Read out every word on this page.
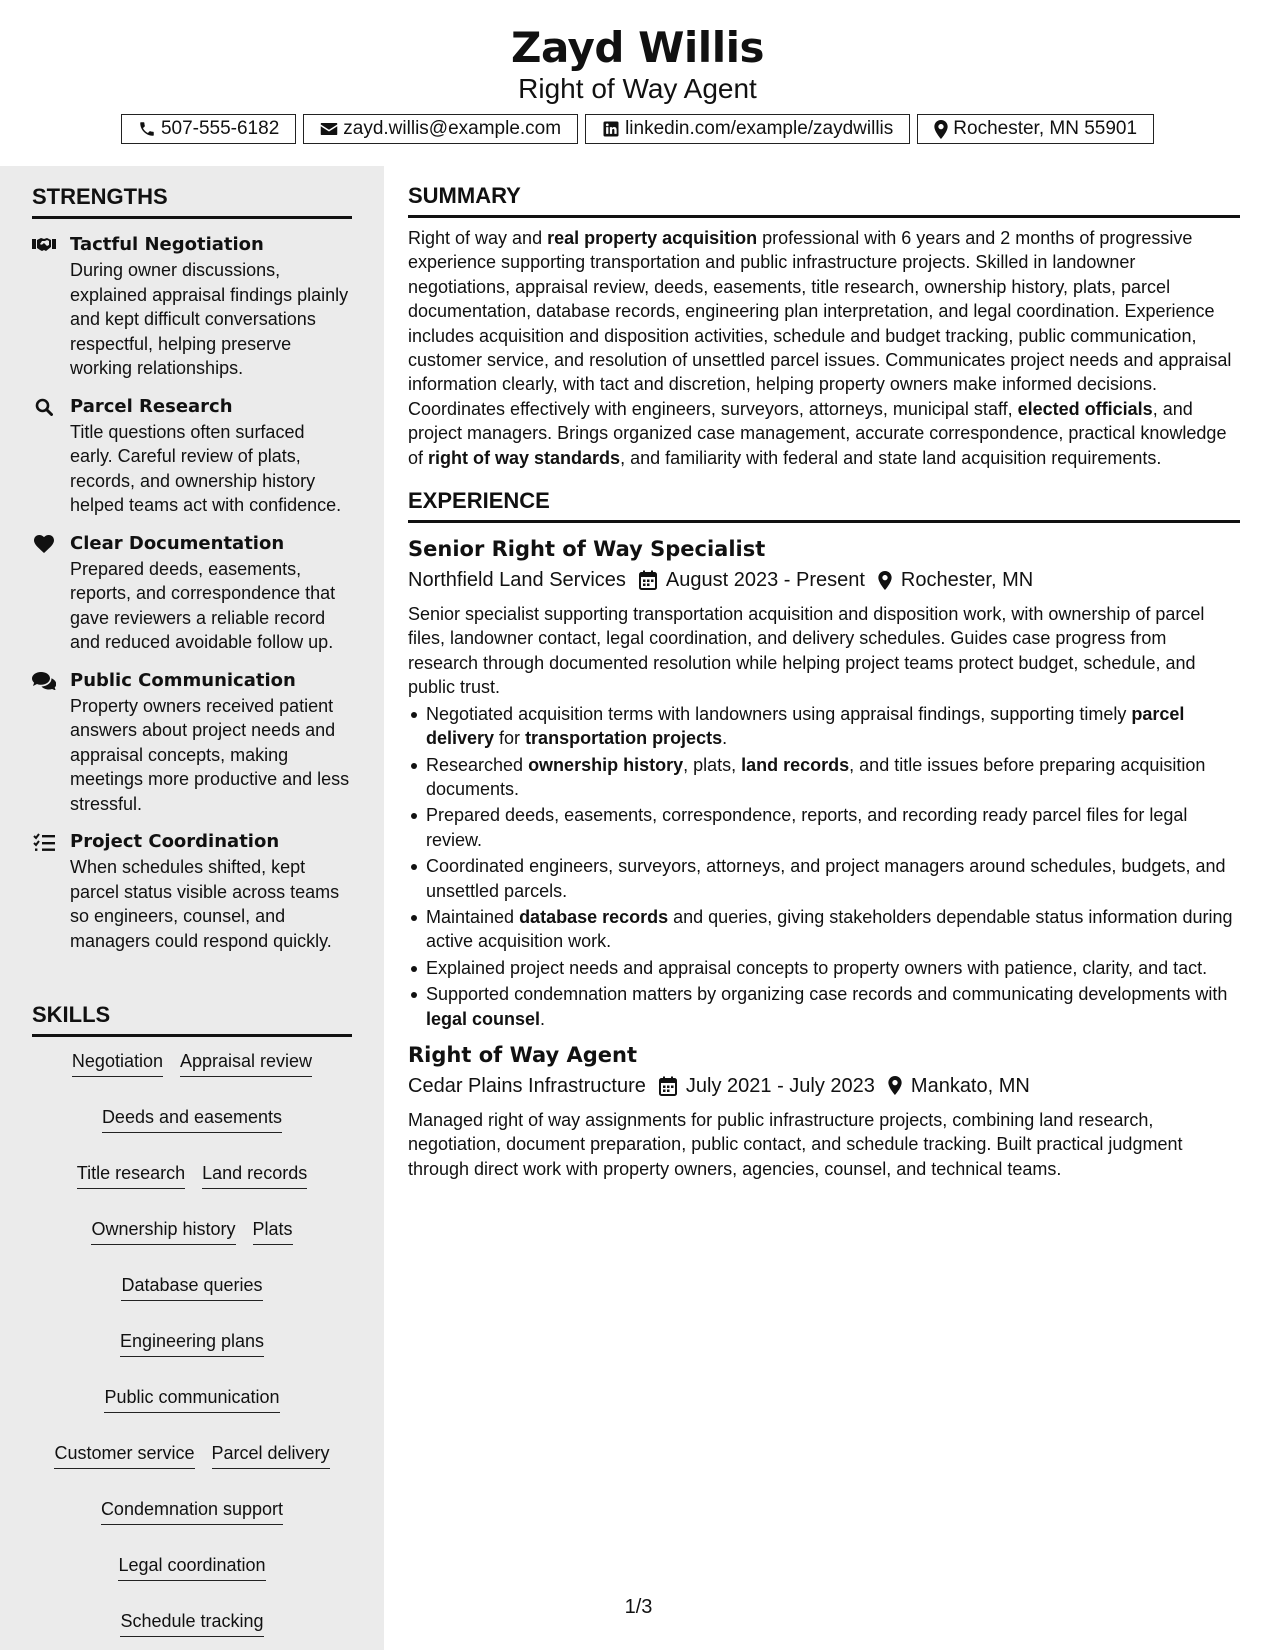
Zayd Willis
Right of Way Agent
507-555-6182	zayd.willis@example.com	linkedin.com/example/zaydwillis	Rochester, MN 55901
STRENGTHS
Tactful Negotiation
During owner discussions, explained appraisal findings plainly and kept difficult conversations respectful, helping preserve working relationships.
Parcel Research
Title questions often surfaced early. Careful review of plats, records, and ownership history helped teams act with confidence.
Clear Documentation
Prepared deeds, easements, reports, and correspondence that gave reviewers a reliable record and reduced avoidable follow up.
Public Communication
Property owners received patient answers about project needs and appraisal concepts, making meetings more productive and less stressful.
Project Coordination
When schedules shifted, kept parcel status visible across teams so engineers, counsel, and managers could respond quickly.
SKILLS
Negotiation Appraisal review
Deeds and easements
Title research Land records
Ownership history Plats
Database queries
Engineering plans
Public communication
Customer service Parcel delivery
Condemnation support
Legal coordination
Schedule tracking
SUMMARY

Right of way and real property acquisition professional with 6 years and 2 months of progressive experience supporting transportation and public infrastructure projects. Skilled in landowner negotiations, appraisal review, deeds, easements, title research, ownership history, plats, parcel documentation, database records, engineering plan interpretation, and legal coordination. Experience includes acquisition and disposition activities, schedule and budget tracking, public communication, customer service, and resolution of unsettled parcel issues. Communicates project needs and appraisal information clearly, with tact and discretion, helping property owners make informed decisions. Coordinates effectively with engineers, surveyors, attorneys, municipal staff, elected officials, and project managers. Brings organized case management, accurate correspondence, practical knowledge of right of way standards, and familiarity with federal and state land acquisition requirements.

EXPERIENCE
Senior Right of Way Specialist
Northfield Land Services August 2023 - Present Rochester, MN

Senior specialist supporting transportation acquisition and disposition work, with ownership of parcel files, landowner contact, legal coordination, and delivery schedules. Guides case progress from research through documented resolution while helping project teams protect budget, schedule, and public trust.

Negotiated acquisition terms with landowners using appraisal findings, supporting timely parcel delivery for transportation projects.
Researched ownership history, plats, land records, and title issues before preparing acquisition documents.
Prepared deeds, easements, correspondence, reports, and recording ready parcel files for legal review.
Coordinated engineers, surveyors, attorneys, and project managers around schedules, budgets, and unsettled parcels.
Maintained database records and queries, giving stakeholders dependable status information during active acquisition work.
Explained project needs and appraisal concepts to property owners with patience, clarity, and tact.
Supported condemnation matters by organizing case records and communicating developments with legal counsel.
Right of Way Agent
Cedar Plains Infrastructure July 2021 - July 2023 Mankato, MN

Managed right of way assignments for public infrastructure projects, combining land research, negotiation, document preparation, public contact, and schedule tracking. Built practical judgment through direct work with property owners, agencies, counsel, and technical teams.

1/3
